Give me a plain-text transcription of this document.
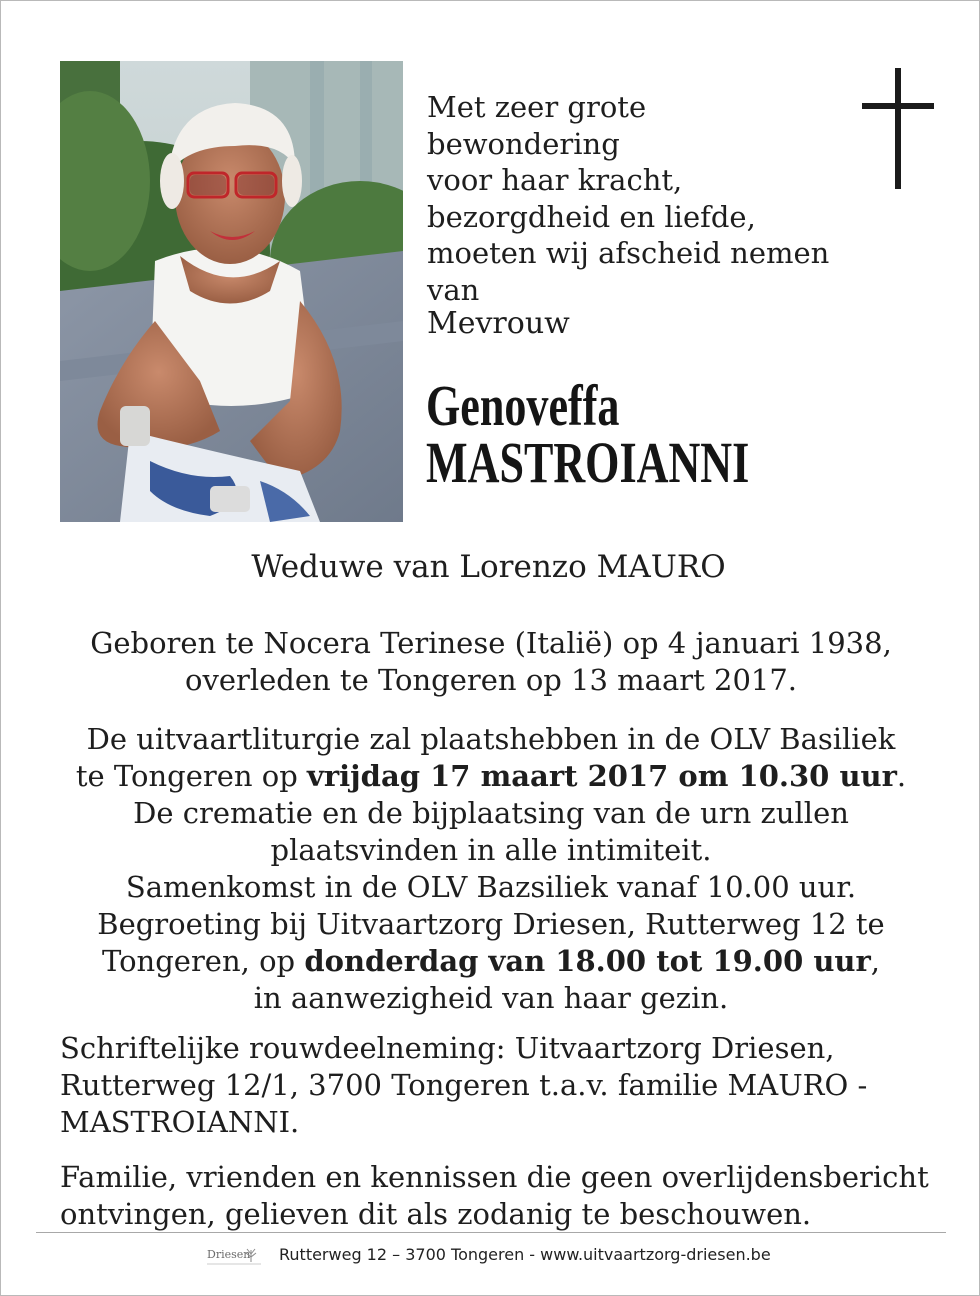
Met zeer grote bewondering

voor haar kracht,

bezorgdheid en liefde,

moeten wij afscheid nemen

van

Mevrouw
Genoveffa
MASTROIANNI
Weduwe van Lorenzo MAURO

Geboren te Nocera Terinese (Italië) op 4 januari 1938,

overleden te Tongeren op 13 maart 2017.

De uitvaartliturgie zal plaatshebben in de OLV Basiliek

te Tongeren op vrijdag 17 maart 2017 om 10.30 uur.

De crematie en de bijplaatsing van de urn zullen

plaatsvinden in alle intimiteit.

Samenkomst in de OLV Bazsiliek vanaf 10.00 uur.

Begroeting bij Uitvaartzorg Driesen, Rutterweg 12 te

Tongeren, op donderdag van 18.00 tot 19.00 uur,

in aanwezigheid van haar gezin.

Schriftelijke rouwdeelneming: Uitvaartzorg Driesen,

Rutterweg 12/1, 3700 Tongeren t.a.v. familie MAURO -

MASTROIANNI.

Familie, vrienden en kennissen die geen overlijdensbericht

ontvingen, gelieven dit als zodanig te beschouwen.

Driesen Rutterweg 12 – 3700 Tongeren - www.uitvaartzorg-driesen.be
